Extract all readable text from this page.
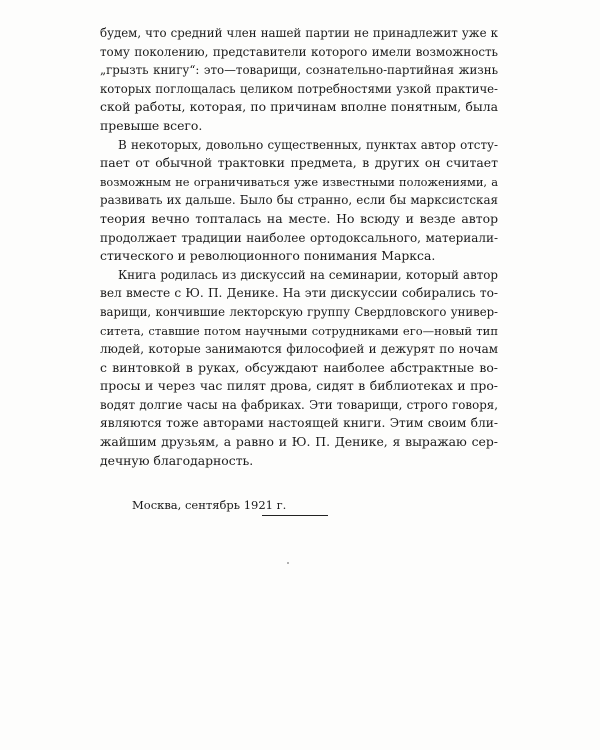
будем, что средний член нашей партии не принадлежит уже к
тому поколению, представители которого имели возможность
„грызть книгу“: это—товарищи, сознательно-партийная жизнь
которых поглощалась целиком потребностями узкой практиче-
ской работы, которая, по причинам вполне понятным, была
превыше всего.
В некоторых, довольно существенных, пунктах автор отсту-
пает от обычной трактовки предмета, в других он считает
возможным не ограничиваться уже известными положениями, а
развивать их дальше. Было бы странно, если бы марксистская
теория вечно топталась на месте. Но всюду и везде автор
продолжает традиции наиболее ортодоксального, материали-
стического и революционного понимания Маркса.
Книга родилась из дискуссий на семинарии, который автор
вел вместе с Ю. П. Денике. На эти дискуссии собирались то-
варищи, кончившие лекторскую группу Свердловского универ-
ситета, ставшие потом научными сотрудниками его—новый тип
людей, которые занимаются философией и дежурят по ночам
с винтовкой в руках, обсуждают наиболее абстрактные во-
просы и через час пилят дрова, сидят в библиотеках и про-
водят долгие часы на фабриках. Эти товарищи, строго говоря,
являются тоже авторами настоящей книги. Этим своим бли-
жайшим друзьям, а равно и Ю. П. Денике, я выражаю сер-
дечную благодарность.
Москва, сентябрь 1921 г.
